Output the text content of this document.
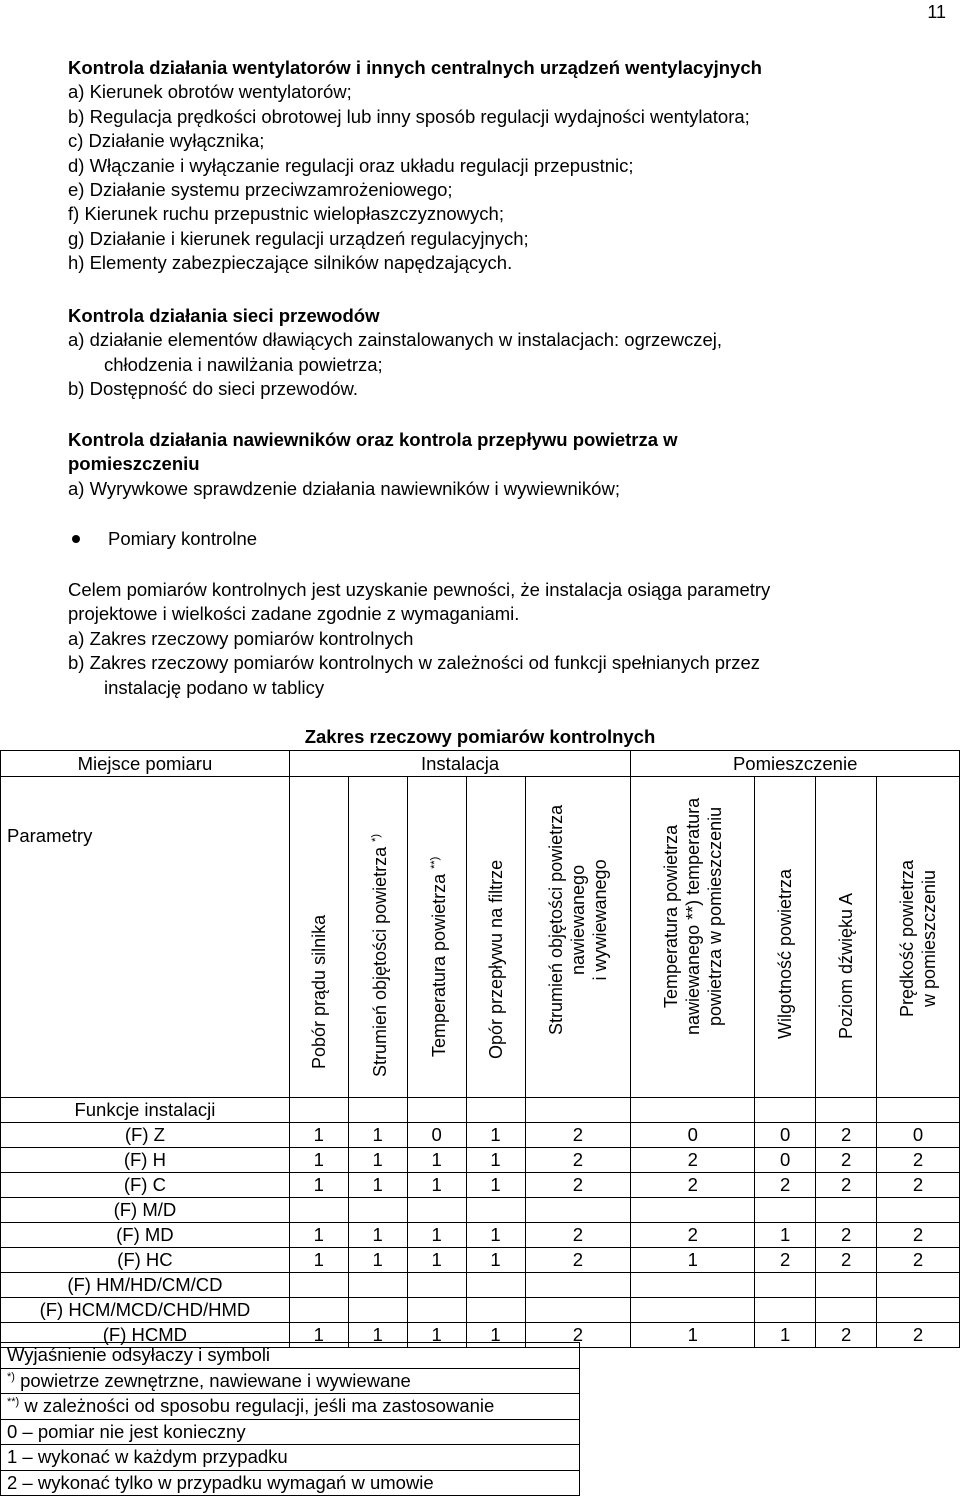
11

Kontrola działania wentylatorów i innych centralnych urządzeń wentylacyjnych

a) Kierunek obrotów wentylatorów;

b) Regulacja prędkości obrotowej lub inny sposób regulacji wydajności wentylatora;

c) Działanie wyłącznika;

d) Włączanie i wyłączanie regulacji oraz układu regulacji przepustnic;

e) Działanie systemu przeciwzamrożeniowego;

f) Kierunek ruchu przepustnic wielopłaszczyznowych;

g) Działanie i kierunek regulacji urządzeń regulacyjnych;

h) Elementy zabezpieczające silników napędzających.

Kontrola działania sieci przewodów

a) działanie elementów dławiących zainstalowanych w instalacjach: ogrzewczej,

chłodzenia i nawilżania powietrza;

b) Dostępność do sieci przewodów.

Kontrola działania nawiewników oraz kontrola przepływu powietrza w

pomieszczeniu

a) Wyrywkowe sprawdzenie działania nawiewników i wywiewników;

Pomiary kontrolne

Celem pomiarów kontrolnych jest uzyskanie pewności, że instalacja osiąga parametry

projektowe i wielkości zadane zgodnie z wymaganiami.

a) Zakres rzeczowy pomiarów kontrolnych

b) Zakres rzeczowy pomiarów kontrolnych w zależności od funkcji spełnianych przez

instalację podano w tablicy

Zakres rzeczowy pomiarów kontrolnych
Miejsce pomiaru	Instalacja					Pomieszczenie			
Parametry	Pobór prądu silnika	Strumień objętości powietrza *)	Temperatura powietrza **)	Opór przepływu na filtrze	Strumień objętości powietrza nawiewanego i wywiewanego	Temperatura powietrza nawiewanego **) temperatura powietrza w pomieszczeniu	Wilgotność powietrza	Poziom dźwięku A	Prędkość powietrza w pomieszczeniu

Funkcje instalacji									
(F) Z	1	1	0	1	2	0	0	2	0
(F) H	1	1	1	1	2	2	0	2	2
(F) C	1	1	1	1	2	2	2	2	2
(F) M/D									
(F) MD	1	1	1	1	2	2	1	2	2
(F) HC	1	1	1	1	2	1	2	2	2
(F) HM/HD/CM/CD									
(F) HCM/MCD/CHD/HMD									
(F) HCMD	1	1	1	1	2	1	1	2	2
Wyjaśnienie odsyłaczy i symboli
*) powietrze zewnętrzne, nawiewane i wywiewane
**) w zależności od sposobu regulacji, jeśli ma zastosowanie
0 – pomiar nie jest konieczny
1 – wykonać w każdym przypadku
2 – wykonać tylko w przypadku wymagań w umowie
